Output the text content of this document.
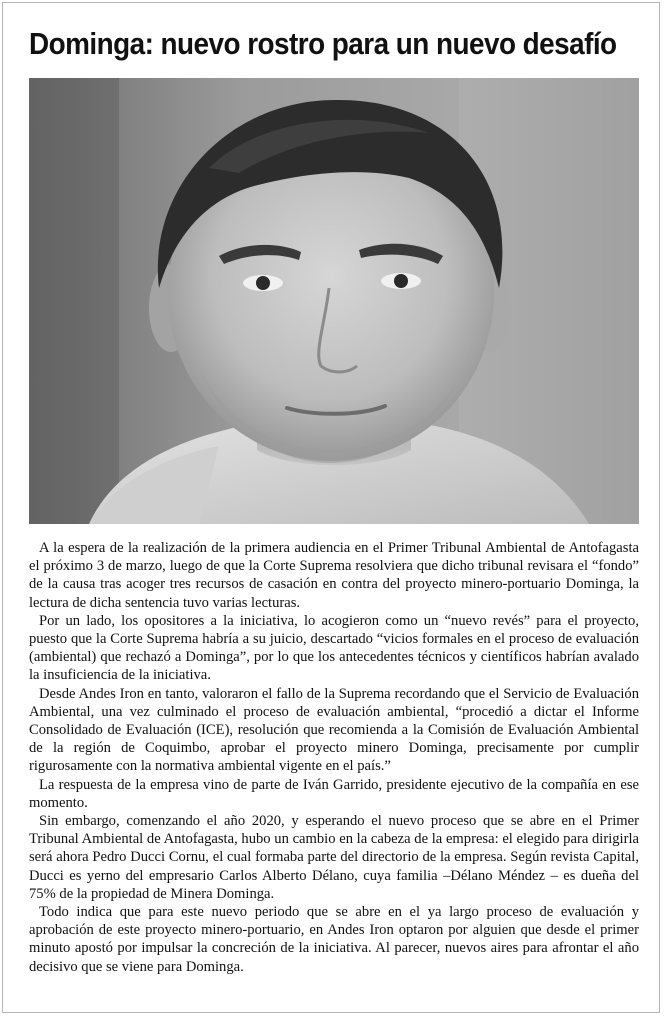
Dominga: nuevo rostro para un nuevo desafío

A la espera de la realización de la primera audiencia en el Primer Tribunal Ambiental de Antofagasta el próximo 3 de marzo, luego de que la Corte Suprema resolviera que dicho tribunal revisara el “fondo” de la causa tras acoger tres recursos de casación en contra del proyecto minero-portuario Dominga, la lectura de dicha sentencia tuvo varias lecturas.

Por un lado, los opositores a la iniciativa, lo acogieron como un “nuevo revés” para el proyecto, puesto que la Corte Suprema habría a su juicio, descartado “vicios formales en el proceso de evaluación (ambiental) que rechazó a Dominga”, por lo que los antecedentes técnicos y científicos habrían avalado la insuficiencia de la iniciativa.

Desde Andes Iron en tanto, valoraron el fallo de la Suprema recordando que el Servicio de Evaluación Ambiental, una vez culminado el proceso de evaluación ambiental, “procedió a dictar el Informe Consolidado de Evaluación (ICE), resolución que recomienda a la Comisión de Evaluación Ambiental de la región de Coquimbo, aprobar el proyecto minero Dominga, precisamente por cumplir rigurosamente con la normativa ambiental vigente en el país.”

La respuesta de la empresa vino de parte de Iván Garrido, presidente ejecutivo de la compañía en ese momento.

Sin embargo, comenzando el año 2020, y esperando el nuevo proceso que se abre en el Primer Tribunal Ambiental de Antofagasta, hubo un cambio en la cabeza de la empresa: el elegido para dirigirla será ahora Pedro Ducci Cornu, el cual formaba parte del directorio de la empresa. Según revista Capital, Ducci es yerno del empresario Carlos Alberto Délano, cuya familia –Délano Méndez – es dueña del 75% de la propiedad de Minera Dominga.

Todo indica que para este nuevo periodo que se abre en el ya largo proceso de evaluación y aprobación de este proyecto minero-portuario, en Andes Iron optaron por alguien que desde el primer minuto apostó por impulsar la concreción de la iniciativa. Al parecer, nuevos aires para afrontar el año decisivo que se viene para Dominga.
